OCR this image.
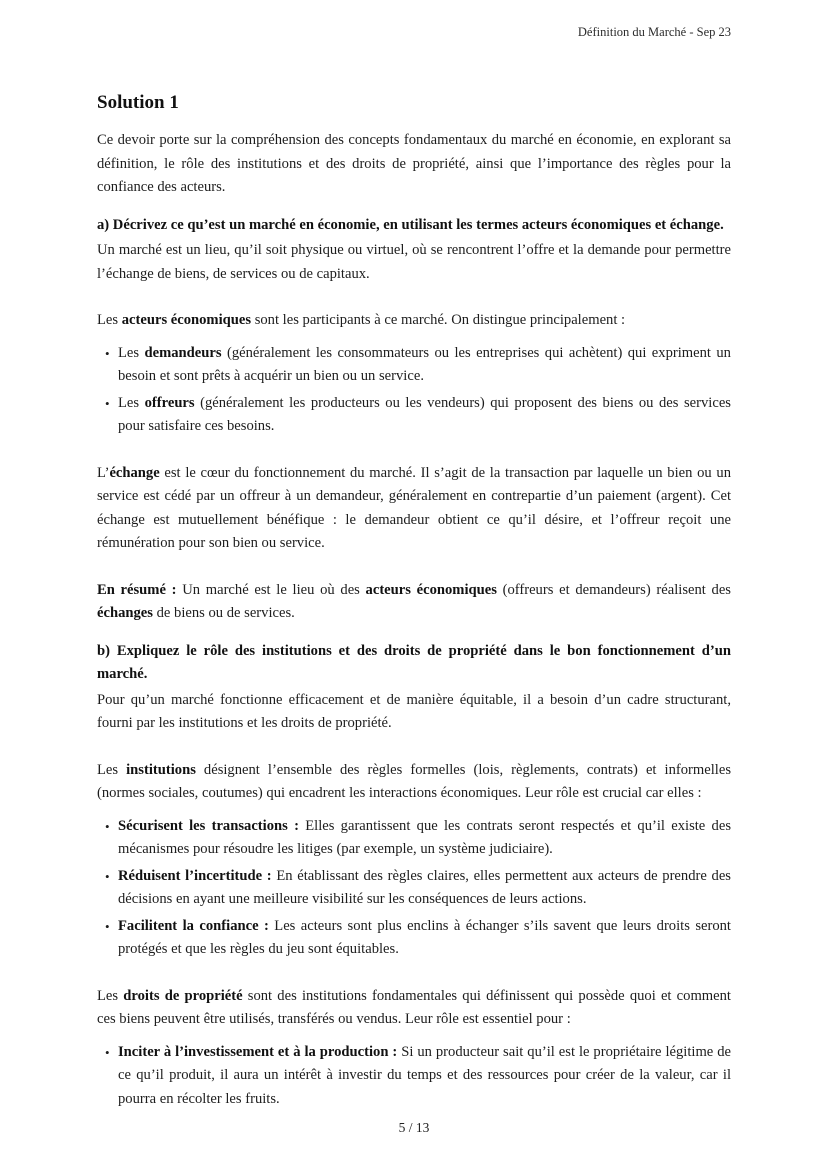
Définition du Marché - Sep 23
Solution 1

Ce devoir porte sur la compréhension des concepts fondamentaux du marché en économie, en explorant sa définition, le rôle des institutions et des droits de propriété, ainsi que l’importance des règles pour la confiance des acteurs.

a) Décrivez ce qu’est un marché en économie, en utilisant les termes acteurs économiques et échange.

Un marché est un lieu, qu’il soit physique ou virtuel, où se rencontrent l’offre et la demande pour permettre l’échange de biens, de services ou de capitaux.

Les acteurs économiques sont les participants à ce marché. On distingue principalement :

• Les demandeurs (généralement les consommateurs ou les entreprises qui achètent) qui expriment un besoin et sont prêts à acquérir un bien ou un service.
• Les offreurs (généralement les producteurs ou les vendeurs) qui proposent des biens ou des services pour satisfaire ces besoins.

L’échange est le cœur du fonctionnement du marché. Il s’agit de la transaction par laquelle un bien ou un service est cédé par un offreur à un demandeur, généralement en contrepartie d’un paiement (argent). Cet échange est mutuellement bénéfique : le demandeur obtient ce qu’il désire, et l’offreur reçoit une rémunération pour son bien ou service.

En résumé : Un marché est le lieu où des acteurs économiques (offreurs et demandeurs) réalisent des échanges de biens ou de services.

b) Expliquez le rôle des institutions et des droits de propriété dans le bon fonctionnement d’un marché.

Pour qu’un marché fonctionne efficacement et de manière équitable, il a besoin d’un cadre structurant, fourni par les institutions et les droits de propriété.

Les institutions désignent l’ensemble des règles formelles (lois, règlements, contrats) et informelles (normes sociales, coutumes) qui encadrent les interactions économiques. Leur rôle est crucial car elles :

• Sécurisent les transactions : Elles garantissent que les contrats seront respectés et qu’il existe des mécanismes pour résoudre les litiges (par exemple, un système judiciaire).
• Réduisent l’incertitude : En établissant des règles claires, elles permettent aux acteurs de prendre des décisions en ayant une meilleure visibilité sur les conséquences de leurs actions.
• Facilitent la confiance : Les acteurs sont plus enclins à échanger s’ils savent que leurs droits seront protégés et que les règles du jeu sont équitables.

Les droits de propriété sont des institutions fondamentales qui définissent qui possède quoi et comment ces biens peuvent être utilisés, transférés ou vendus. Leur rôle est essentiel pour :

• Inciter à l’investissement et à la production : Si un producteur sait qu’il est le propriétaire légitime de ce qu’il produit, il aura un intérêt à investir du temps et des ressources pour créer de la valeur, car il pourra en récolter les fruits.
5 / 13
